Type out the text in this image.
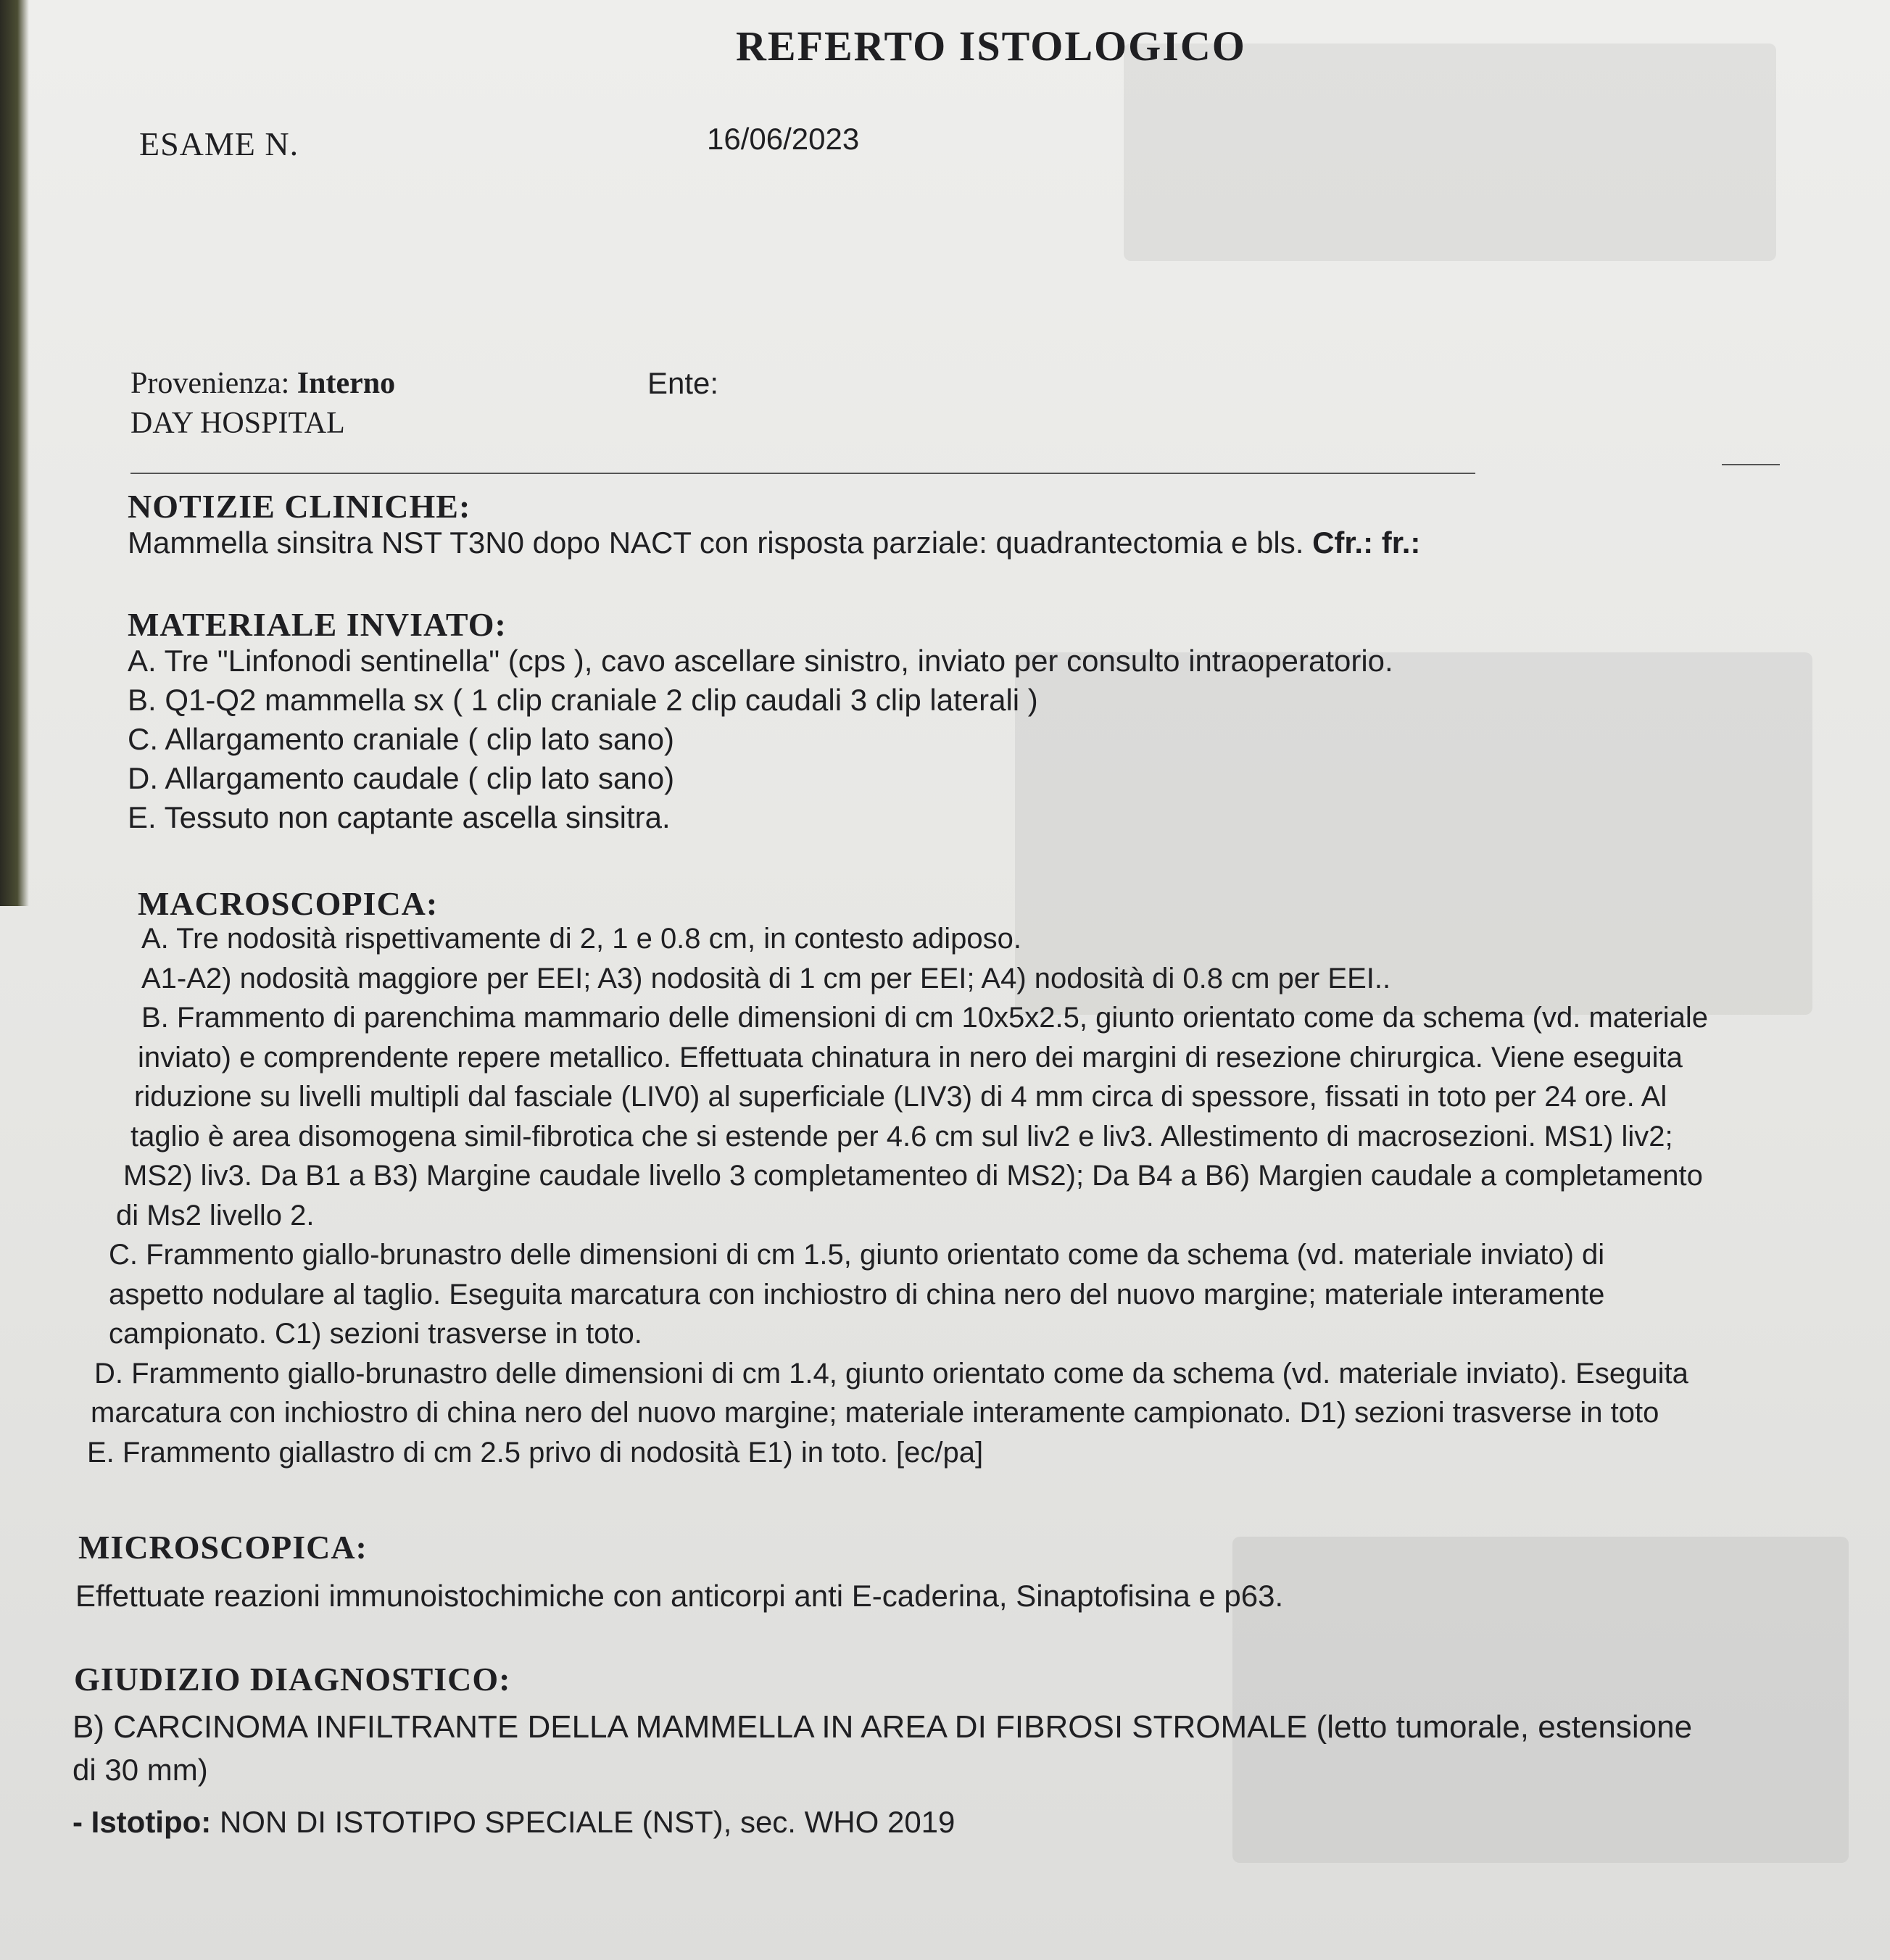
REFERTO ISTOLOGICO
ESAME N.	16/06/2023
Provenienza: Interno	Ente:
DAY HOSPITAL
NOTIZIE CLINICHE:
Mammella sinsitra NST T3N0 dopo NACT con risposta parziale: quadrantectomia e bls. Cfr.: fr.:
MATERIALE INVIATO:
A. Tre "Linfonodi sentinella" (cps ), cavo ascellare sinistro, inviato per consulto intraoperatorio.
B. Q1-Q2 mammella sx ( 1 clip craniale 2 clip caudali 3 clip laterali )
C. Allargamento craniale ( clip lato sano)
D. Allargamento caudale ( clip lato sano)
E. Tessuto non captante ascella sinsitra.
MACROSCOPICA:
A. Tre nodosità rispettivamente di 2, 1 e 0.8 cm, in contesto adiposo.
A1-A2) nodosità maggiore per EEI; A3) nodosità di 1 cm per EEI; A4) nodosità di 0.8 cm per EEI..
B. Frammento di parenchima mammario delle dimensioni di cm 10x5x2.5, giunto orientato come da schema (vd. materiale
inviato) e comprendente repere metallico. Effettuata chinatura in nero dei margini di resezione chirurgica. Viene eseguita
riduzione su livelli multipli dal fasciale (LIV0) al superficiale (LIV3) di 4 mm circa di spessore, fissati in toto per 24 ore. Al
taglio è area disomogena simil-fibrotica che si estende per 4.6 cm sul liv2 e liv3. Allestimento di macrosezioni. MS1) liv2;
MS2) liv3. Da B1 a B3) Margine caudale livello 3 completamenteo di MS2); Da B4 a B6) Margien caudale a completamento
di Ms2 livello 2.
C. Frammento giallo-brunastro delle dimensioni di cm 1.5, giunto orientato come da schema (vd. materiale inviato) di
aspetto nodulare al taglio. Eseguita marcatura con inchiostro di china nero del nuovo margine; materiale interamente
campionato. C1) sezioni trasverse in toto.
D. Frammento giallo-brunastro delle dimensioni di cm 1.4, giunto orientato come da schema (vd. materiale inviato). Eseguita
marcatura con inchiostro di china nero del nuovo margine; materiale interamente campionato. D1) sezioni trasverse in toto
E. Frammento giallastro di cm 2.5 privo di nodosità E1) in toto. [ec/pa]
MICROSCOPICA:
Effettuate reazioni immunoistochimiche con anticorpi anti E-caderina, Sinaptofisina e p63.
GIUDIZIO DIAGNOSTICO:
B) CARCINOMA INFILTRANTE DELLA MAMMELLA IN AREA DI FIBROSI STROMALE (letto tumorale, estensione
di 30 mm)
- Istotipo: NON DI ISTOTIPO SPECIALE (NST), sec. WHO 2019
